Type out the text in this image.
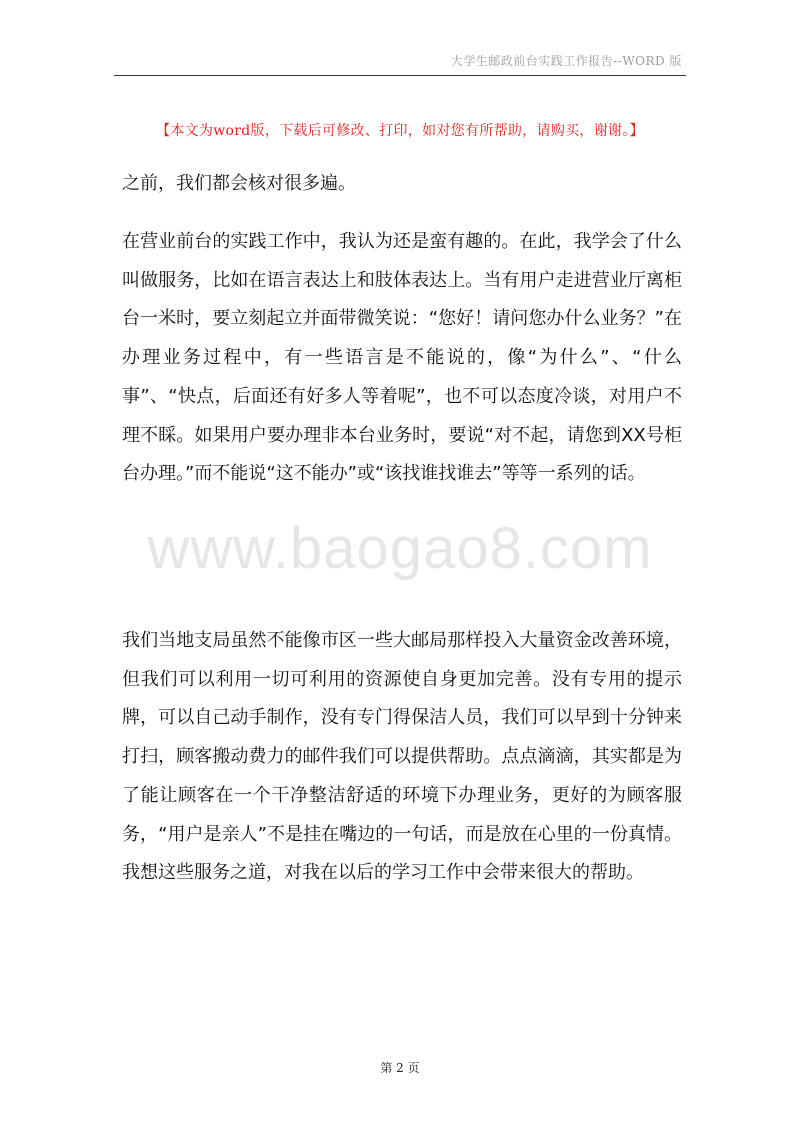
大学生邮政前台实践工作报告--WORD 版
【本文为word版，下载后可修改、打印，如对您有所帮助，请购买，谢谢。】

之前，我们都会核对很多遍。

在营业前台的实践工作中，我认为还是蛮有趣的。在此，我学会了什么叫做服务，比如在语言表达上和肢体表达上。当有用户走进营业厅离柜台一米时，要立刻起立并面带微笑说：“您好！请问您办什么业务？”在办理业务过程中，有一些语言是不能说的，像“为什么”、“什么事”、“快点，后面还有好多人等着呢”，也不可以态度冷谈，对用户不理不睬。如果用户要办理非本台业务时，要说“对不起，请您到XX号柜台办理。”而不能说“这不能办”或“该找谁找谁去”等等一系列的话。

我们当地支局虽然不能像市区一些大邮局那样投入大量资金改善环境，但我们可以利用一切可利用的资源使自身更加完善。没有专用的提示牌，可以自己动手制作，没有专门得保洁人员，我们可以早到十分钟来打扫，顾客搬动费力的邮件我们可以提供帮助。点点滴滴，其实都是为了能让顾客在一个干净整洁舒适的环境下办理业务，更好的为顾客服务，“用户是亲人”不是挂在嘴边的一句话，而是放在心里的一份真情。我想这些服务之道，对我在以后的学习工作中会带来很大的帮助。

www.baogao8.com
第 2 页
